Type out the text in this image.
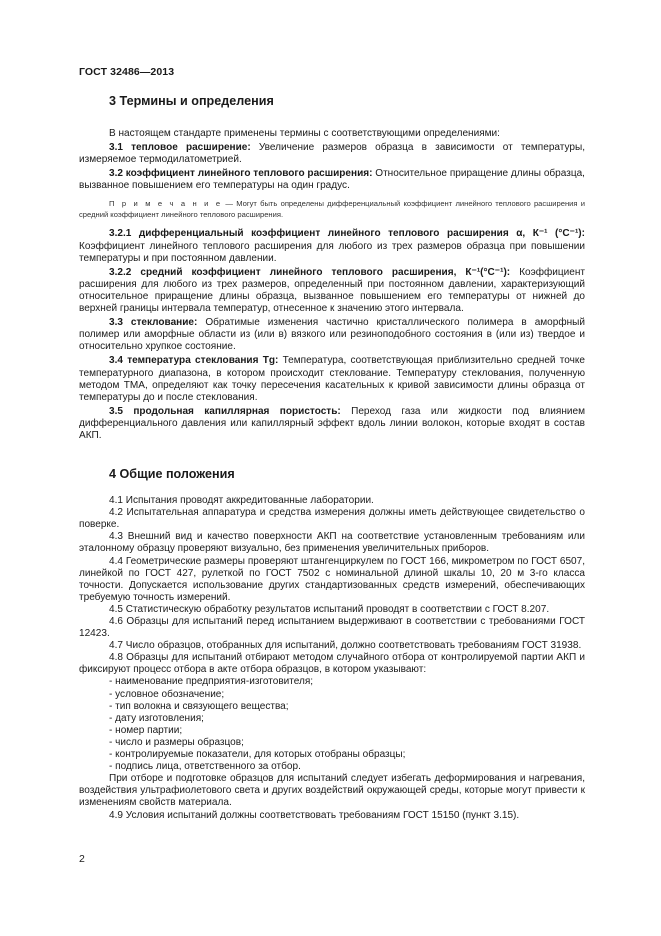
ГОСТ 32486—2013
3 Термины и определения

В настоящем стандарте применены термины с соответствующими определениями:

3.1 тепловое расширение: Увеличение размеров образца в зависимости от температуры, измеряемое термодилатометрией.

3.2 коэффициент линейного теплового расширения: Относительное приращение длины образца, вызванное повышением его температуры на один градус.

П р и м е ч а н и е — Могут быть определены дифференциальный коэффициент линейного теплового расширения и средний коэффициент линейного теплового расширения.

3.2.1 дифференциальный коэффициент линейного теплового расширения α, К⁻¹ (°С⁻¹): Коэффициент линейного теплового расширения для любого из трех размеров образца при повышении температуры и при постоянном давлении.

3.2.2 средний коэффициент линейного теплового расширения, К⁻¹(°С⁻¹): Коэффициент расширения для любого из трех размеров, определенный при постоянном давлении, характеризующий относительное приращение длины образца, вызванное повышением его температуры от нижней до верхней границы интервала температур, отнесенное к значению этого интервала.

3.3 стеклование: Обратимые изменения частично кристаллического полимера в аморфный полимер или аморфные области из (или в) вязкого или резиноподобного состояния в (или из) твердое и относительно хрупкое состояние.

3.4 температура стеклования Tg: Температура, соответствующая приблизительно средней точке температурного диапазона, в котором происходит стеклование. Температуру стеклования, полученную методом ТМА, определяют как точку пересечения касательных к кривой зависимости длины образца от температуры до и после стеклования.

3.5 продольная капиллярная пористость: Переход газа или жидкости под влиянием дифференциального давления или капиллярный эффект вдоль линии волокон, которые входят в состав АКП.

4 Общие положения

4.1 Испытания проводят аккредитованные лаборатории.

4.2 Испытательная аппаратура и средства измерения должны иметь действующее свидетельство о поверке.

4.3 Внешний вид и качество поверхности АКП на соответствие установленным требованиям или эталонному образцу проверяют визуально, без применения увеличительных приборов.

4.4 Геометрические размеры проверяют штангенциркулем по ГОСТ 166, микрометром по ГОСТ 6507, линейкой по ГОСТ 427, рулеткой по ГОСТ 7502 с номинальной длиной шкалы 10, 20 м 3-го класса точности. Допускается использование других стандартизованных средств измерений, обеспечивающих требуемую точность измерений.

4.5 Статистическую обработку результатов испытаний проводят в соответствии с ГОСТ 8.207.

4.6 Образцы для испытаний перед испытанием выдерживают в соответствии с требованиями ГОСТ 12423.

4.7 Число образцов, отобранных для испытаний, должно соответствовать требованиям ГОСТ 31938.

4.8 Образцы для испытаний отбирают методом случайного отбора от контролируемой партии АКП и фиксируют процесс отбора в акте отбора образцов, в котором указывают:

- наименование предприятия-изготовителя;
- условное обозначение;
- тип волокна и связующего вещества;
- дату изготовления;
- номер партии;
- число и размеры образцов;
- контролируемые показатели, для которых отобраны образцы;
- подпись лица, ответственного за отбор.

При отборе и подготовке образцов для испытаний следует избегать деформирования и нагревания, воздействия ультрафиолетового света и других воздействий окружающей среды, которые могут привести к изменениям свойств материала.

4.9 Условия испытаний должны соответствовать требованиям ГОСТ 15150 (пункт 3.15).

2
